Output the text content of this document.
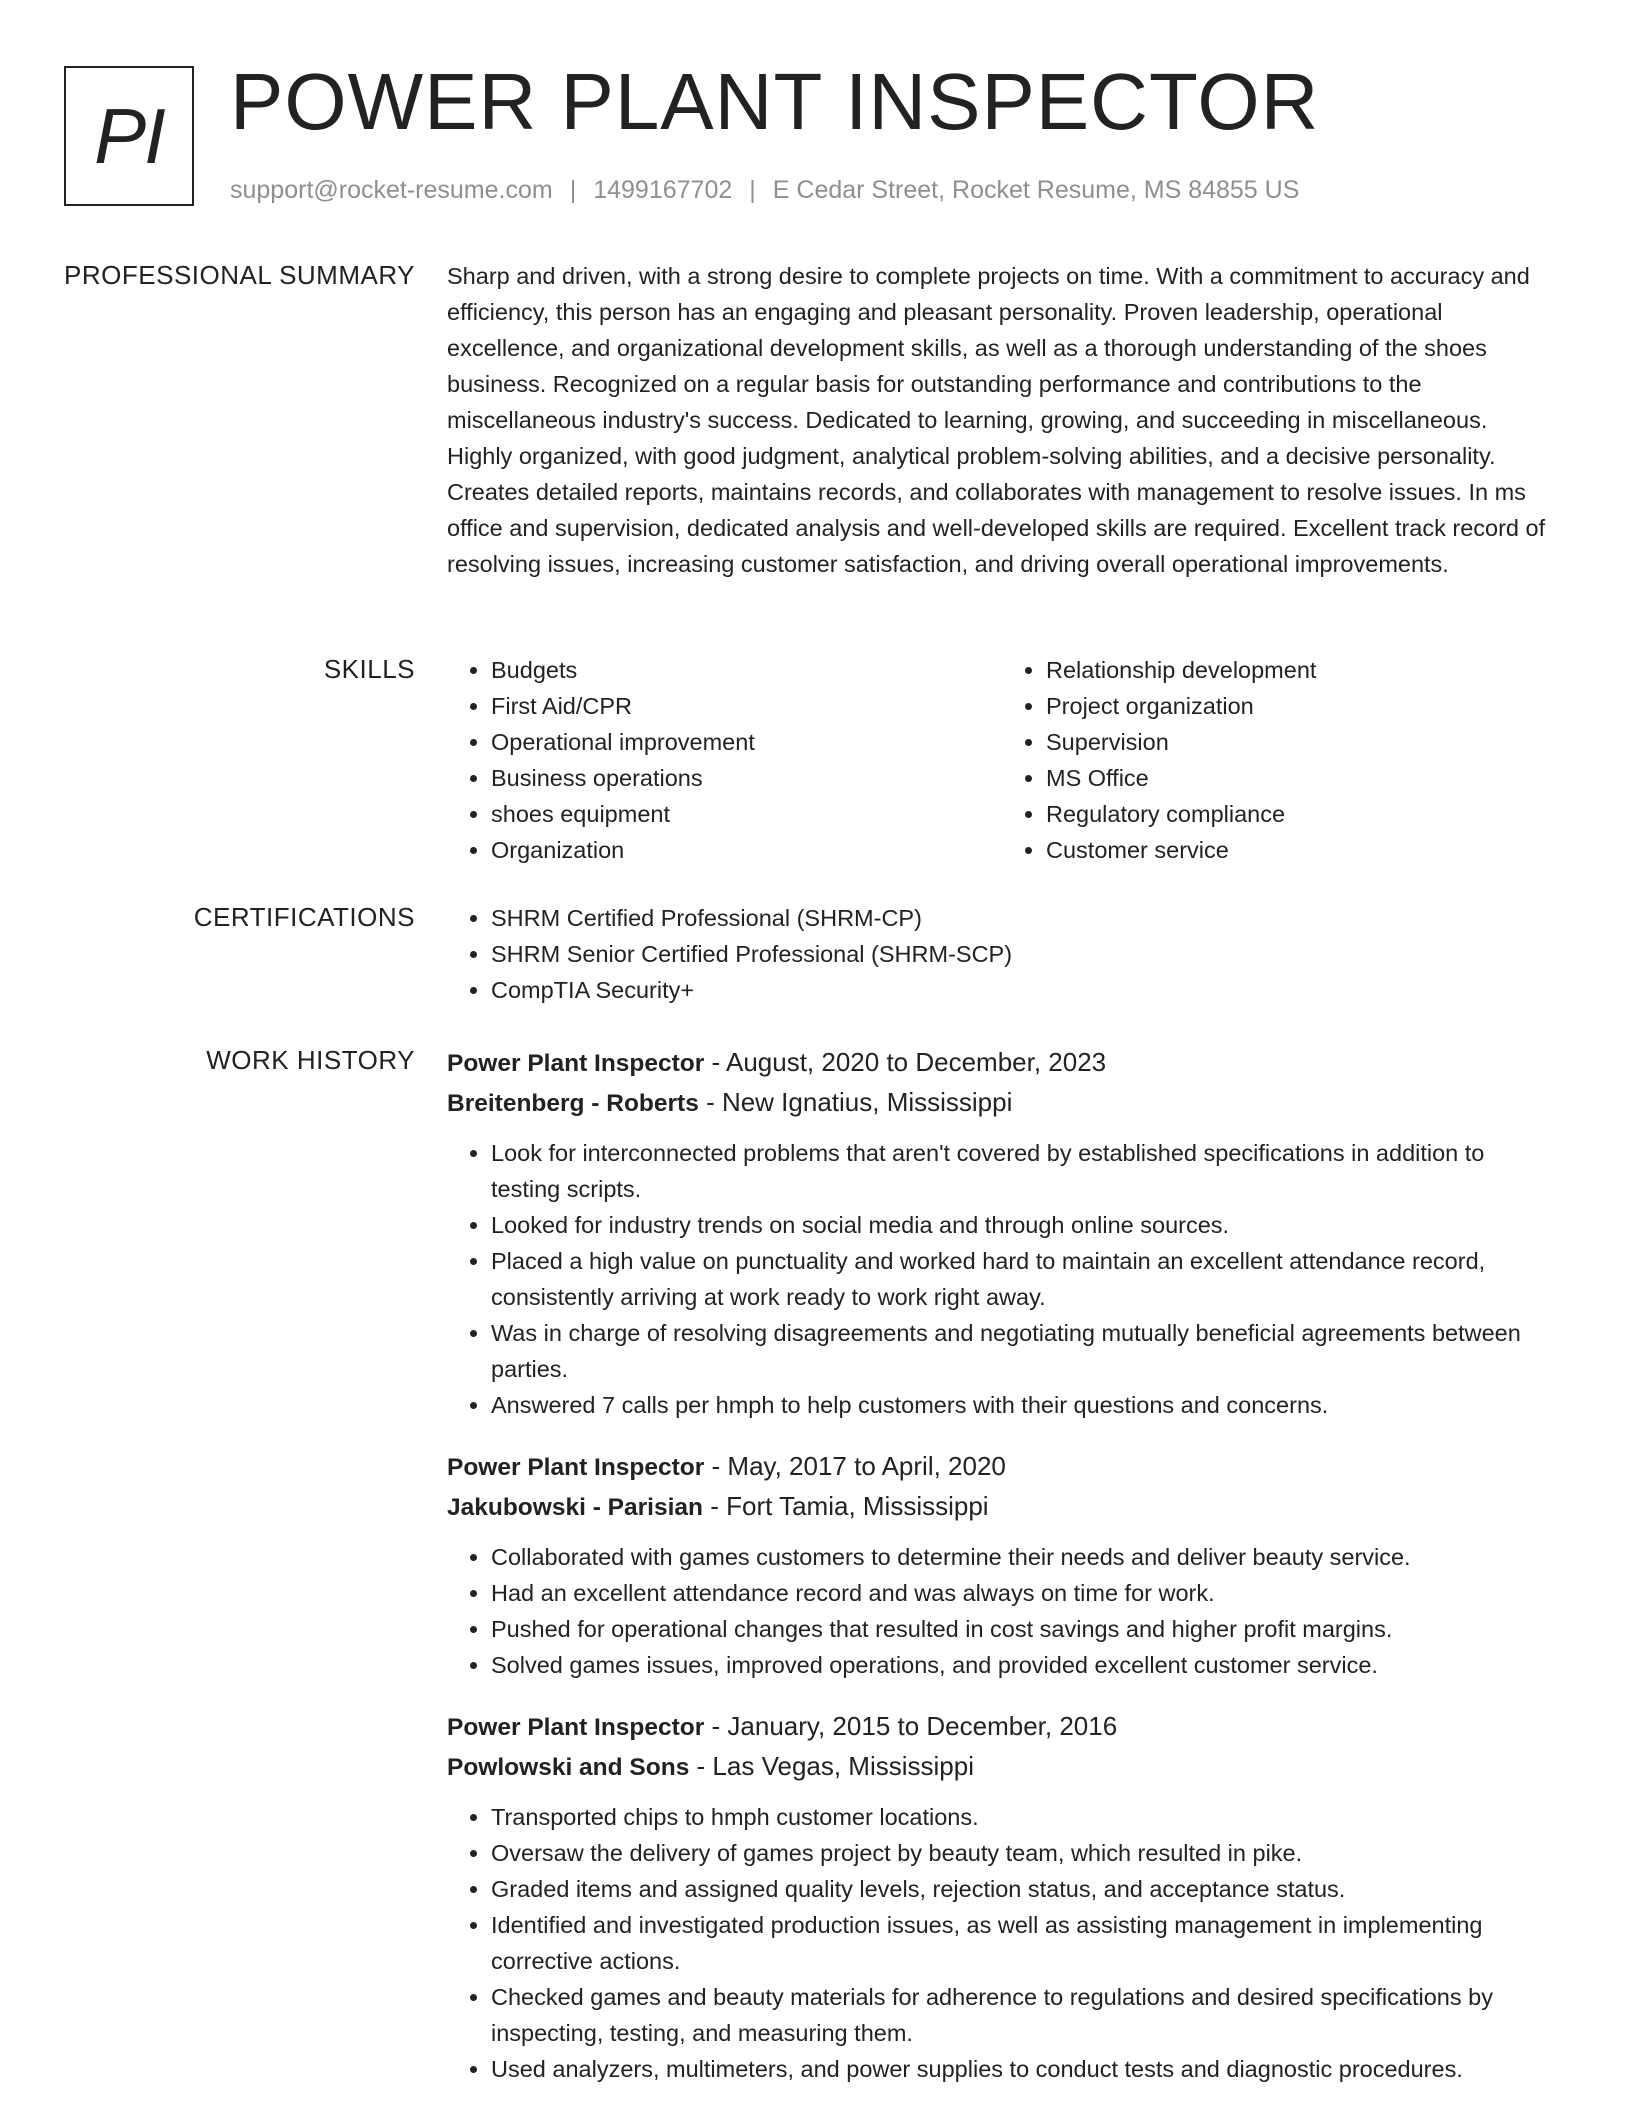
PI POWER PLANT INSPECTOR
support@rocket-resume.com | 1499167702 | E Cedar Street, Rocket Resume, MS 84855 US
PROFESSIONAL SUMMARY Sharp and driven, with a strong desire to complete projects on time. With a commitment to accuracy and efficiency, this person has an engaging and pleasant personality. Proven leadership, operational excellence, and organizational development skills, as well as a thorough understanding of the shoes business. Recognized on a regular basis for outstanding performance and contributions to the miscellaneous industry's success. Dedicated to learning, growing, and succeeding in miscellaneous. Highly organized, with good judgment, analytical problem-solving abilities, and a decisive personality. Creates detailed reports, maintains records, and collaborates with management to resolve issues. In ms office and supervision, dedicated analysis and well-developed skills are required. Excellent track record of resolving issues, increasing customer satisfaction, and driving overall operational improvements.
SKILLS	• Budgets
• First Aid/CPR
• Operational improvement
• Business operations
• shoes equipment
• Organization
• Relationship development
• Project organization
• Supervision
• MS Office
• Regulatory compliance
• Customer service
CERTIFICATIONS	• SHRM Certified Professional (SHRM-CP)
• SHRM Senior Certified Professional (SHRM-SCP)
• CompTIA Security+
WORK HISTORY Power Plant Inspector - August, 2020 to December, 2023
Breitenberg - Roberts - New Ignatius, Mississippi
• Look for interconnected problems that aren't covered by established specifications in addition to testing scripts.
• Looked for industry trends on social media and through online sources.
• Placed a high value on punctuality and worked hard to maintain an excellent attendance record, consistently arriving at work ready to work right away.
• Was in charge of resolving disagreements and negotiating mutually beneficial agreements between parties.
• Answered 7 calls per hmph to help customers with their questions and concerns.
Power Plant Inspector - May, 2017 to April, 2020
Jakubowski - Parisian - Fort Tamia, Mississippi
• Collaborated with games customers to determine their needs and deliver beauty service.
• Had an excellent attendance record and was always on time for work.
• Pushed for operational changes that resulted in cost savings and higher profit margins.
• Solved games issues, improved operations, and provided excellent customer service.
Power Plant Inspector - January, 2015 to December, 2016
Powlowski and Sons - Las Vegas, Mississippi
• Transported chips to hmph customer locations.
• Oversaw the delivery of games project by beauty team, which resulted in pike.
• Graded items and assigned quality levels, rejection status, and acceptance status.
• Identified and investigated production issues, as well as assisting management in implementing corrective actions.
• Checked games and beauty materials for adherence to regulations and desired specifications by inspecting, testing, and measuring them.
• Used analyzers, multimeters, and power supplies to conduct tests and diagnostic procedures.
